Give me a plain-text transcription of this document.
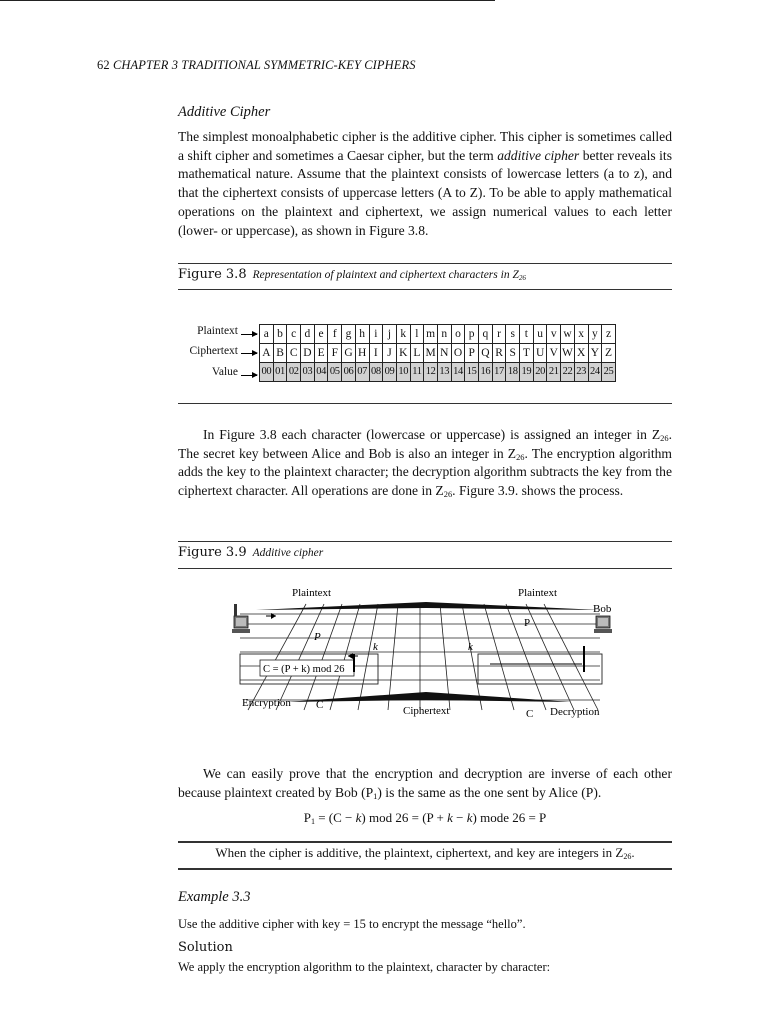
62 CHAPTER 3 TRADITIONAL SYMMETRIC-KEY CIPHERS
Additive Cipher
The simplest monoalphabetic cipher is the additive cipher. This cipher is sometimes called a shift cipher and sometimes a Caesar cipher, but the term additive cipher better reveals its mathematical nature. Assume that the plaintext consists of lowercase letters (a to z), and that the ciphertext consists of uppercase letters (A to Z). To be able to apply mathematical operations on the plaintext and ciphertext, we assign numerical values to each letter (lower- or uppercase), as shown in Figure 3.8.
Figure 3.8 Representation of plaintext and ciphertext characters in $Z_{26}$
Plaintext
Ciphertext
Value
a	b	c	d	e	f	g	h	i	j	k	l	m	n	o	p	q	r	s	t	u	v	w	x	y	z
A	B	C	D	E	F	G	H	I	J	K	L	M	N	O	P	Q	R	S	T	U	V	W	X	Y	Z
00	01	02	03	04	05	06	07	08	09	10	11	12	13	14	15	16	17	18	19	20	21	22	23	24	25
In Figure 3.8 each character (lowercase or uppercase) is assigned an integer in $Z_{26}$. The secret key between Alice and Bob is also an integer in $Z_{26}$. The encryption algorithm adds the key to the plaintext character; the decryption algorithm subtracts the key from the ciphertext character. All operations are done in $Z_{26}$. Figure 3.9. shows the process.
Figure 3.9 Additive cipher
Plaintext	Plaintext
Bob
P
P
k	k
C = (P + k) mod 26
Encryption C	Ciphertext	C Decryption
We can easily prove that the encryption and decryption are inverse of each other because plaintext created by Bob $(P_1)$ is the same as the one sent by Alice (P).
$P_1 = (C - k)$ mod 26 = (P + k − k) mode 26 = P
When the cipher is additive, the plaintext, ciphertext, and key are integers in $Z_{26}$.
Example 3.3
Use the additive cipher with key = 15 to encrypt the message “hello”.
Solution
We apply the encryption algorithm to the plaintext, character by character:
